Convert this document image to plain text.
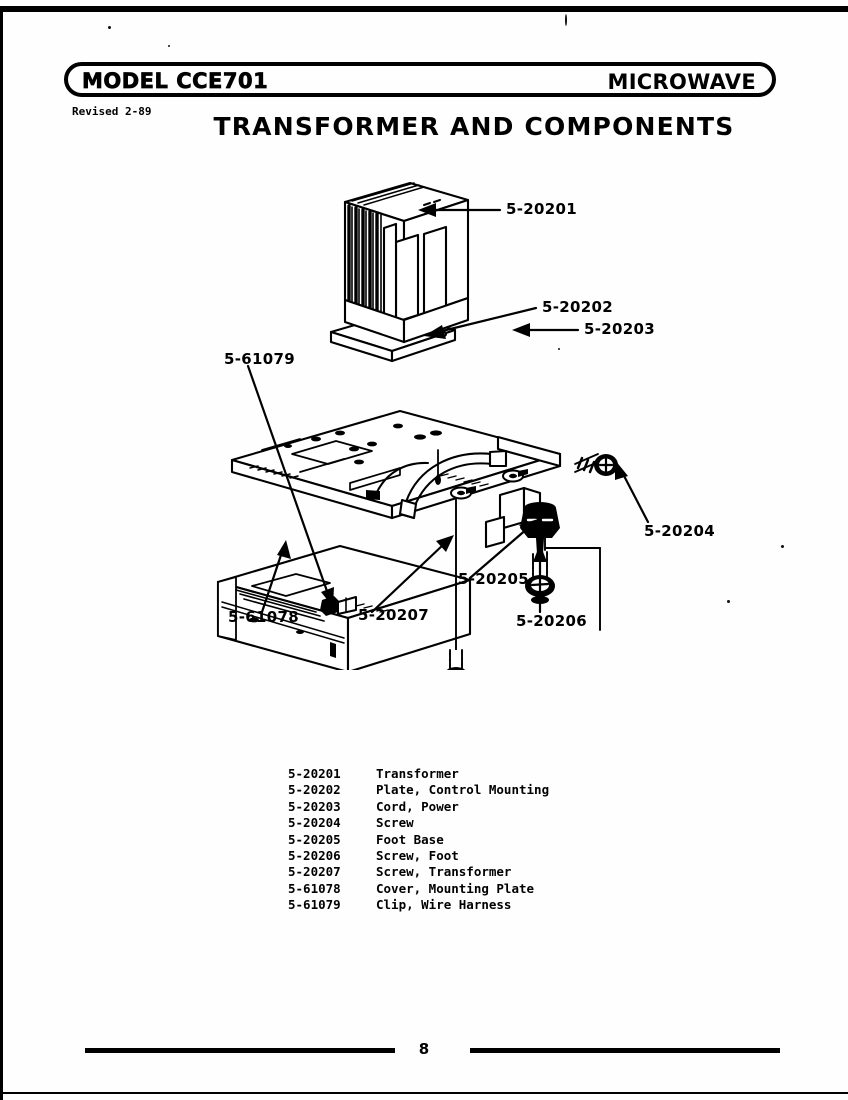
MODEL CCE701	MICROWAVE
Revised 2-89
TRANSFORMER AND COMPONENTS
5-20201
5-20202
5-20203
5-20204
5-20205
5-20206
5-20207
5-61078
5-61079
5-20201	Transformer
5-20202	Plate, Control Mounting
5-20203	Cord, Power
5-20204	Screw
5-20205	Foot Base
5-20206	Screw, Foot
5-20207	Screw, Transformer
5-61078	Cover, Mounting Plate
5-61079	Clip, Wire Harness
8
